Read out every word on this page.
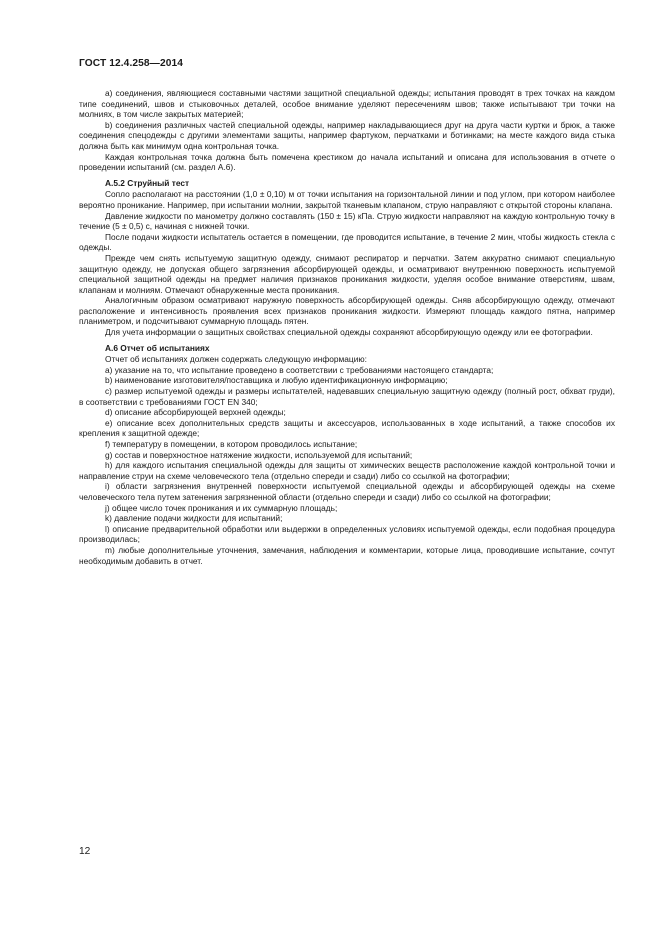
ГОСТ 12.4.258—2014

а) соединения, являющиеся составными частями защитной специальной одежды; испытания проводят в трех точках на каждом типе соединений, швов и стыковочных деталей, особое внимание уделяют пересечениям швов; также испытывают три точки на молниях, в том числе закрытых материей;

b) соединения различных частей специальной одежды, например накладывающиеся друг на друга части куртки и брюк, а также соединения спецодежды с другими элементами защиты, например фартуком, перчатками и ботинками; на месте каждого вида стыка должна быть как минимум одна контрольная точка.

Каждая контрольная точка должна быть помечена крестиком до начала испытаний и описана для использования в отчете о проведении испытаний (см. раздел А.6).

А.5.2 Струйный тест

Сопло располагают на расстоянии (1,0 ± 0,10) м от точки испытания на горизонтальной линии и под углом, при котором наиболее вероятно проникание. Например, при испытании молнии, закрытой тканевым клапаном, струю направляют с открытой стороны клапана.

Давление жидкости по манометру должно составлять (150 ± 15) кПа. Струю жидкости направляют на каждую контрольную точку в течение (5 ± 0,5) с, начиная с нижней точки.

После подачи жидкости испытатель остается в помещении, где проводится испытание, в течение 2 мин, чтобы жидкость стекла с одежды.

Прежде чем снять испытуемую защитную одежду, снимают респиратор и перчатки. Затем аккуратно снимают специальную защитную одежду, не допуская общего загрязнения абсорбирующей одежды, и осматривают внутреннюю поверхность испытуемой специальной защитной одежды на предмет наличия признаков проникания жидкости, уделяя особое внимание отверстиям, швам, клапанам и молниям. Отмечают обнаруженные места проникания.

Аналогичным образом осматривают наружную поверхность абсорбирующей одежды. Сняв абсорбирующую одежду, отмечают расположение и интенсивность проявления всех признаков проникания жидкости. Измеряют площадь каждого пятна, например планиметром, и подсчитывают суммарную площадь пятен.

Для учета информации о защитных свойствах специальной одежды сохраняют абсорбирующую одежду или ее фотографии.

А.6 Отчет об испытаниях

Отчет об испытаниях должен содержать следующую информацию:

а) указание на то, что испытание проведено в соответствии с требованиями настоящего стандарта;

b) наименование изготовителя/поставщика и любую идентификационную информацию;

с) размер испытуемой одежды и размеры испытателей, надевавших специальную защитную одежду (полный рост, обхват груди), в соответствии с требованиями ГОСТ EN 340;

d) описание абсорбирующей верхней одежды;

е) описание всех дополнительных средств защиты и аксессуаров, использованных в ходе испытаний, а также способов их крепления к защитной одежде;

f) температуру в помещении, в котором проводилось испытание;

g) состав и поверхностное натяжение жидкости, используемой для испытаний;

h) для каждого испытания специальной одежды для защиты от химических веществ расположение каждой контрольной точки и направление струи на схеме человеческого тела (отдельно спереди и сзади) либо со ссылкой на фотографии;

i) области загрязнения внутренней поверхности испытуемой специальной одежды и абсорбирующей одежды на схеме человеческого тела путем затенения загрязненной области (отдельно спереди и сзади) либо со ссылкой на фотографии;

j) общее число точек проникания и их суммарную площадь;

k) давление подачи жидкости для испытаний;

l) описание предварительной обработки или выдержки в определенных условиях испытуемой одежды, если подобная процедура производилась;

m) любые дополнительные уточнения, замечания, наблюдения и комментарии, которые лица, проводившие испытание, сочтут необходимым добавить в отчет.

12
